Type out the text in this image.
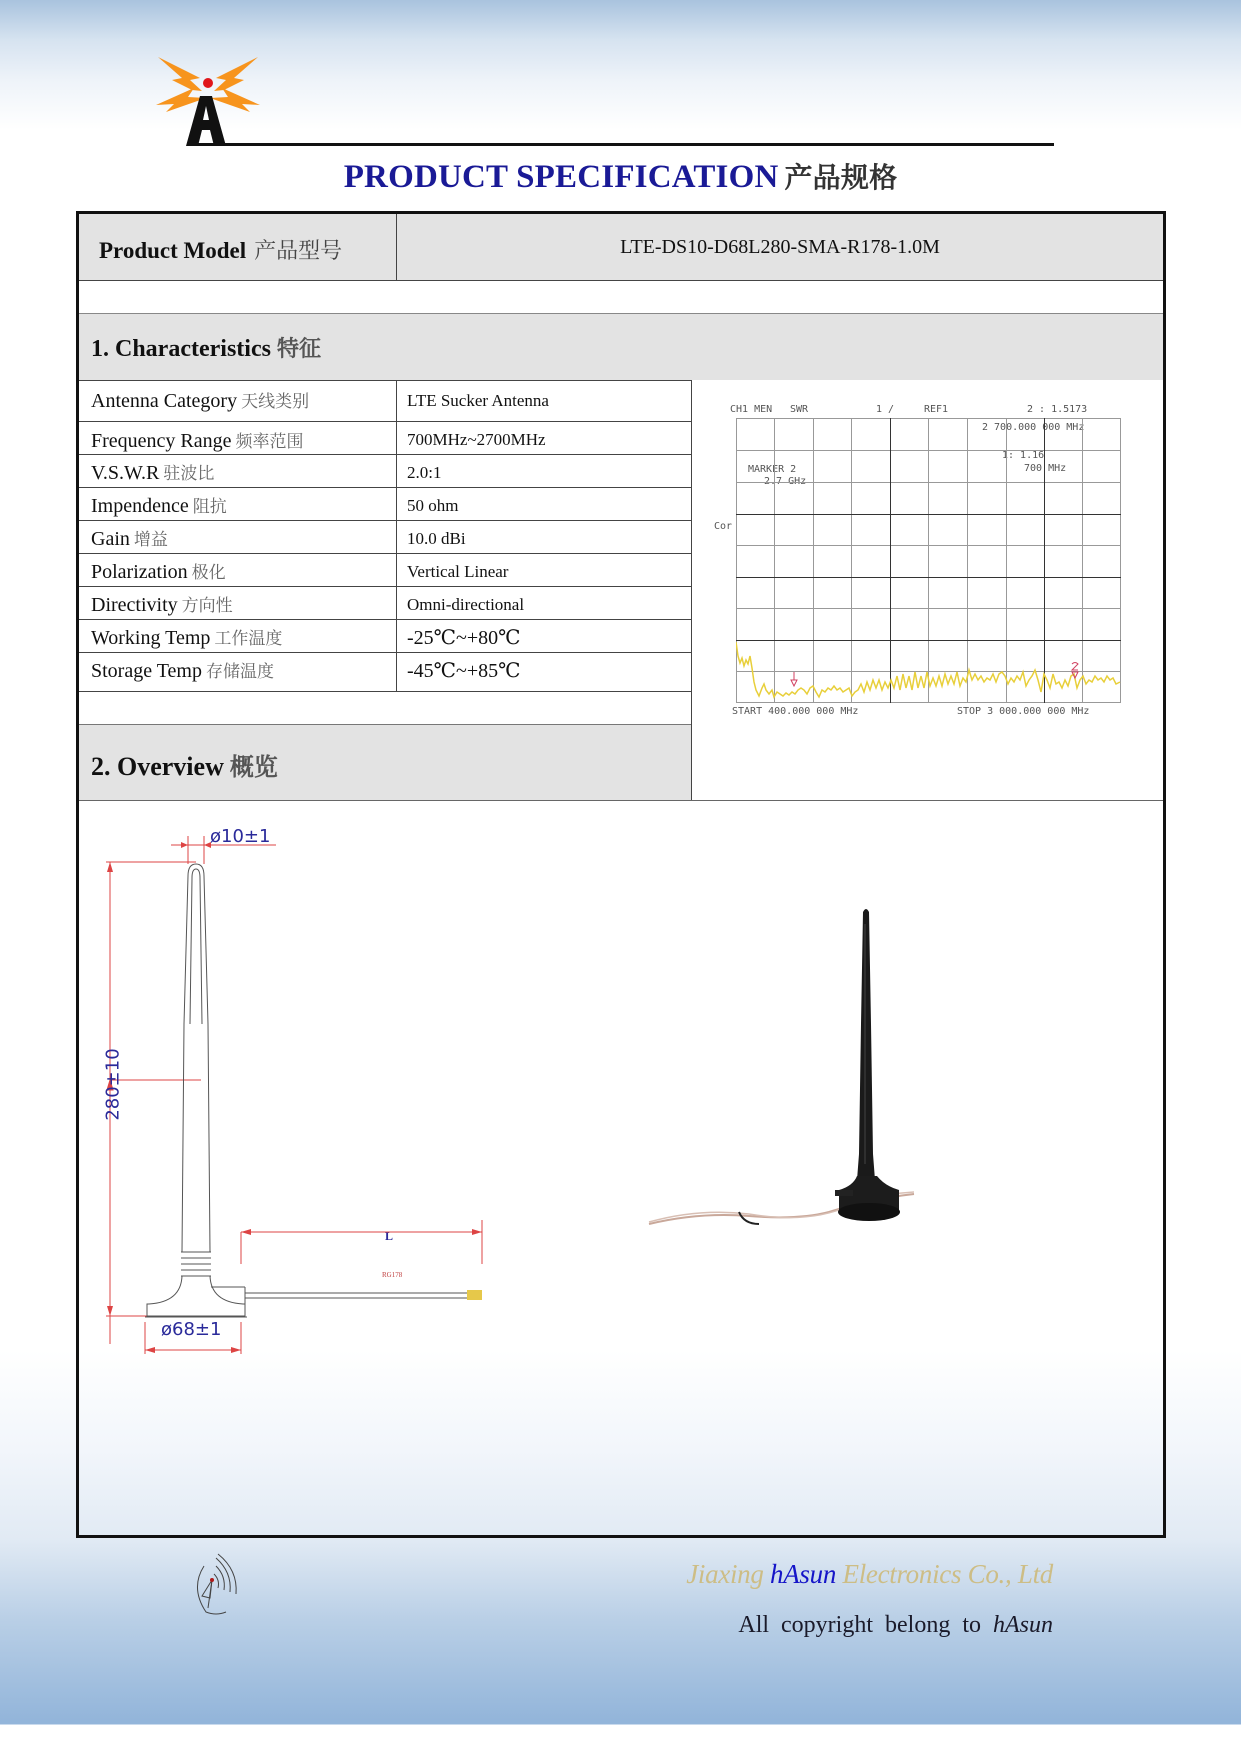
PRODUCT SPECIFICATION 产品规格
Product Model 产品型号	LTE-DS10-D68L280-SMA-R178-1.0M
1. Characteristics 特征
Antenna Category 天线类别	LTE Sucker Antenna
Frequency Range 频率范围	700MHz~2700MHz
V.S.W.R 驻波比	2.0:1
Impendence 阻抗	50 ohm
Gain 增益	10.0 dBi
Polarization 极化	Vertical Linear
Directivity 方向性	Omni-directional
Working Temp 工作温度	-25℃~+80℃
Storage Temp 存储温度	-45℃~+85℃
2. Overview 概览
CH1 MEN SWR	1 /	REF1	2 : 1.5173
2 700.000 000 MHz
1: 1.16
700 MHz
MARKER 2
2.7 GHz
Cor
START 400.000 000 MHz	STOP 3 000.000 000 MHz
ø10±1
280±10
ø68±1
L
RG178
Jiaxing hAsun Electronics Co., Ltd
All copyright belong to hAsun
